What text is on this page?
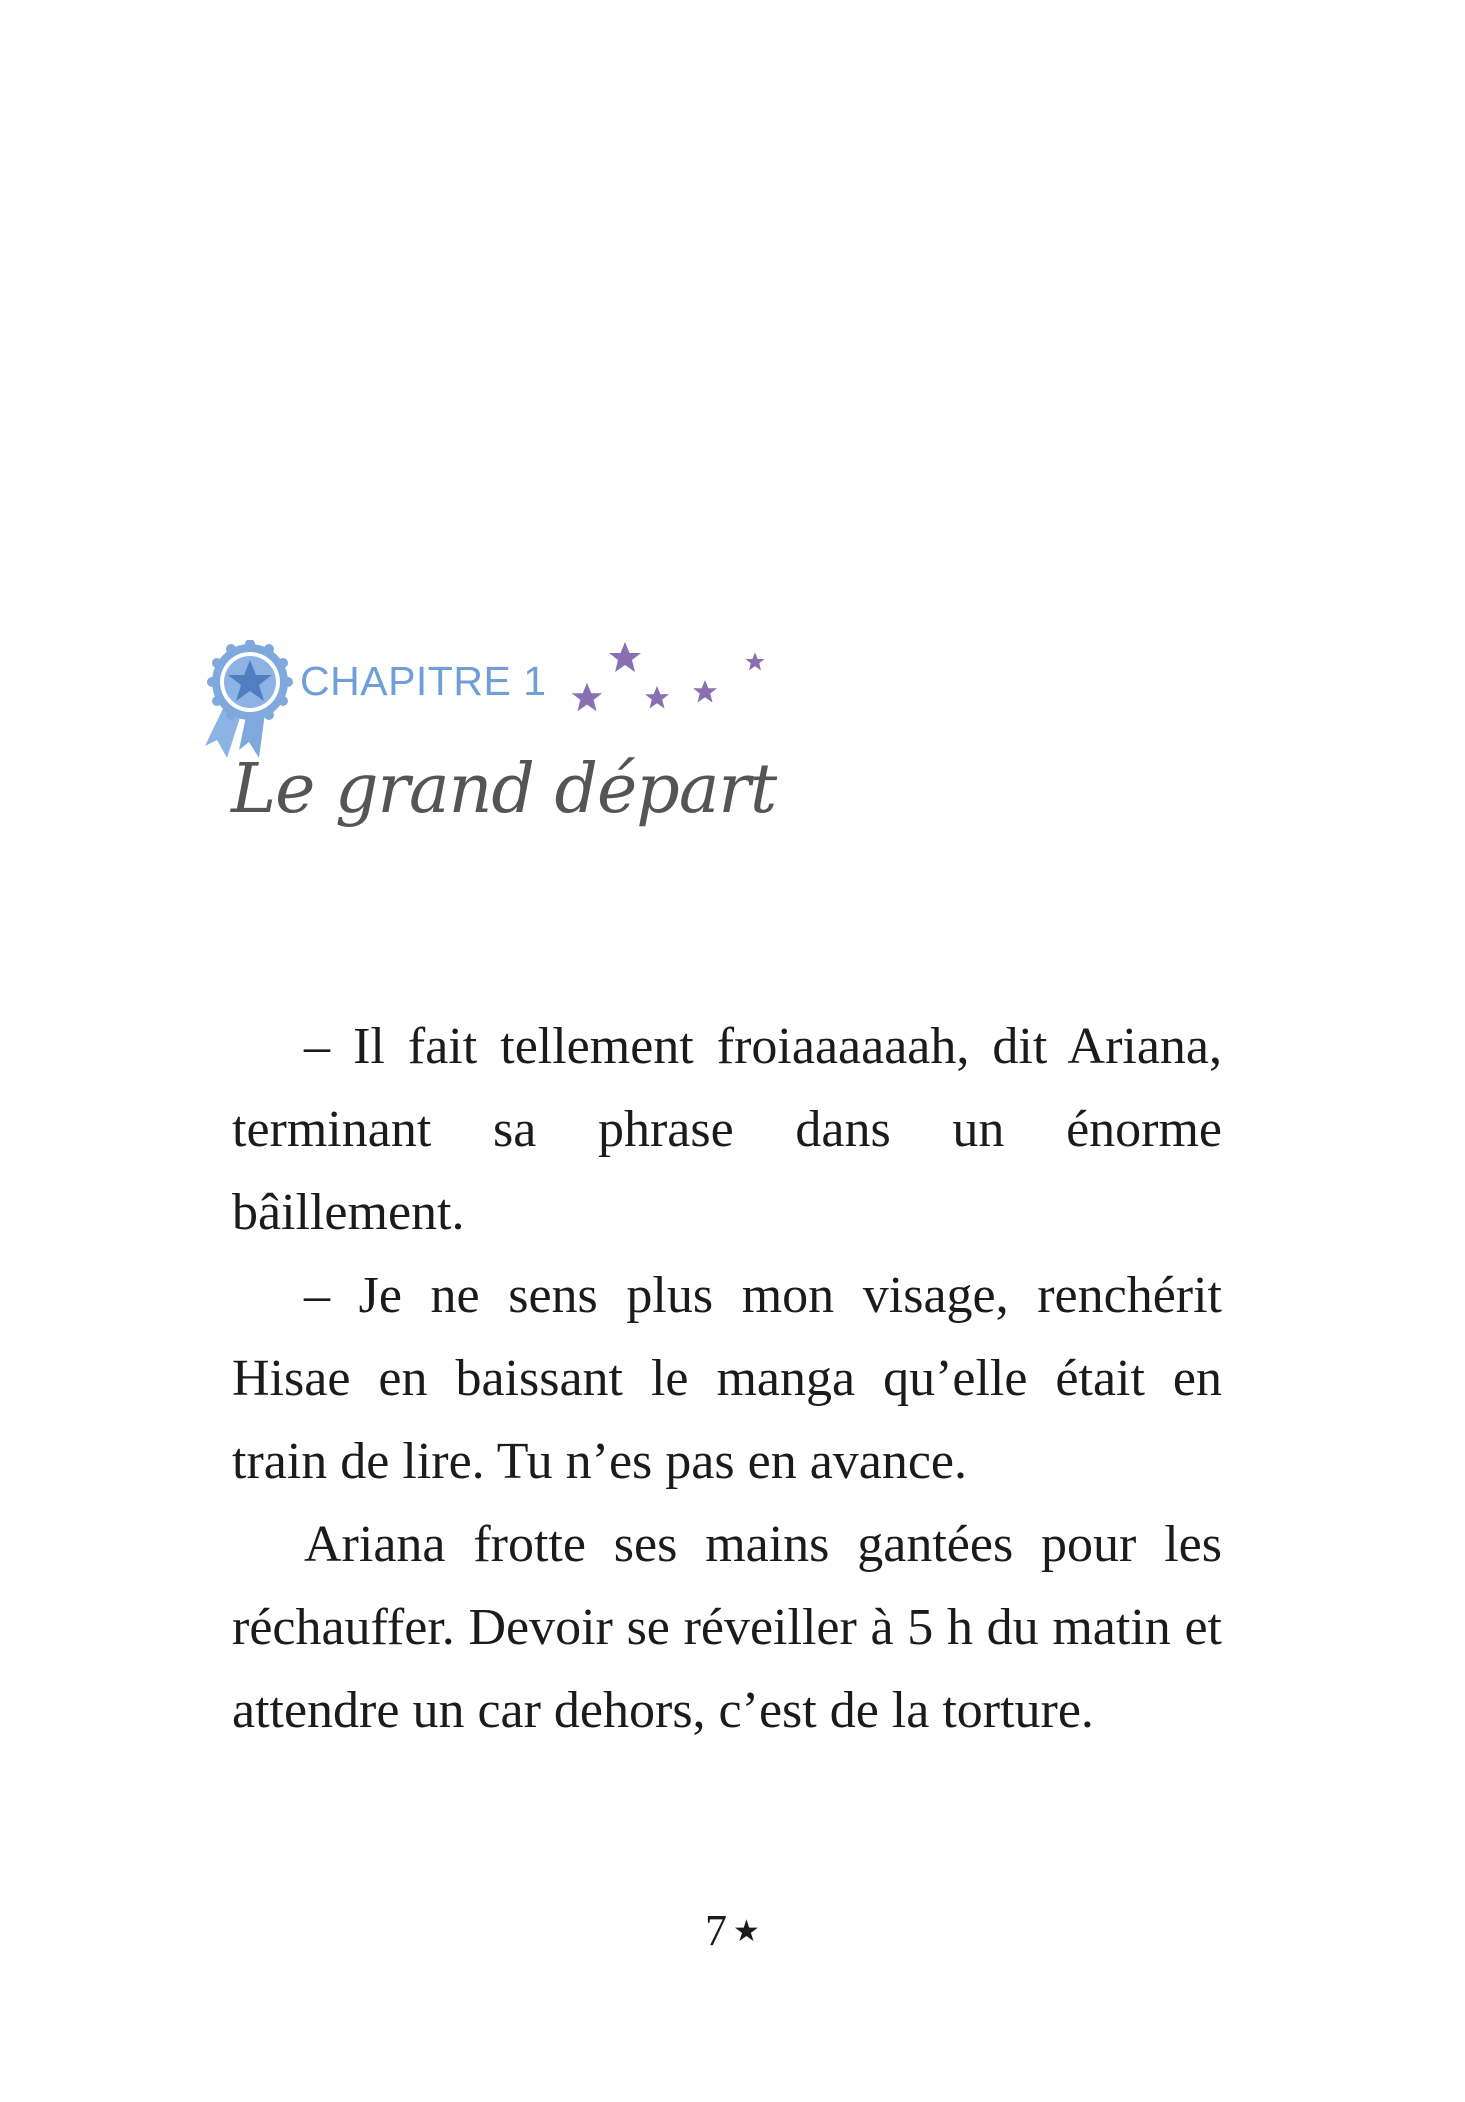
CHAPITRE 1
Le grand départ

– Il fait tellement froiaaaaaah, dit Ariana, terminant sa phrase dans un énorme bâillement.

– Je ne sens plus mon visage, renchérit Hisae en baissant le manga qu’elle était en train de lire. Tu n’es pas en avance.

Ariana frotte ses mains gantées pour les réchauffer. Devoir se réveiller à 5 h du matin et attendre un car dehors, c’est de la torture.

7 ★
